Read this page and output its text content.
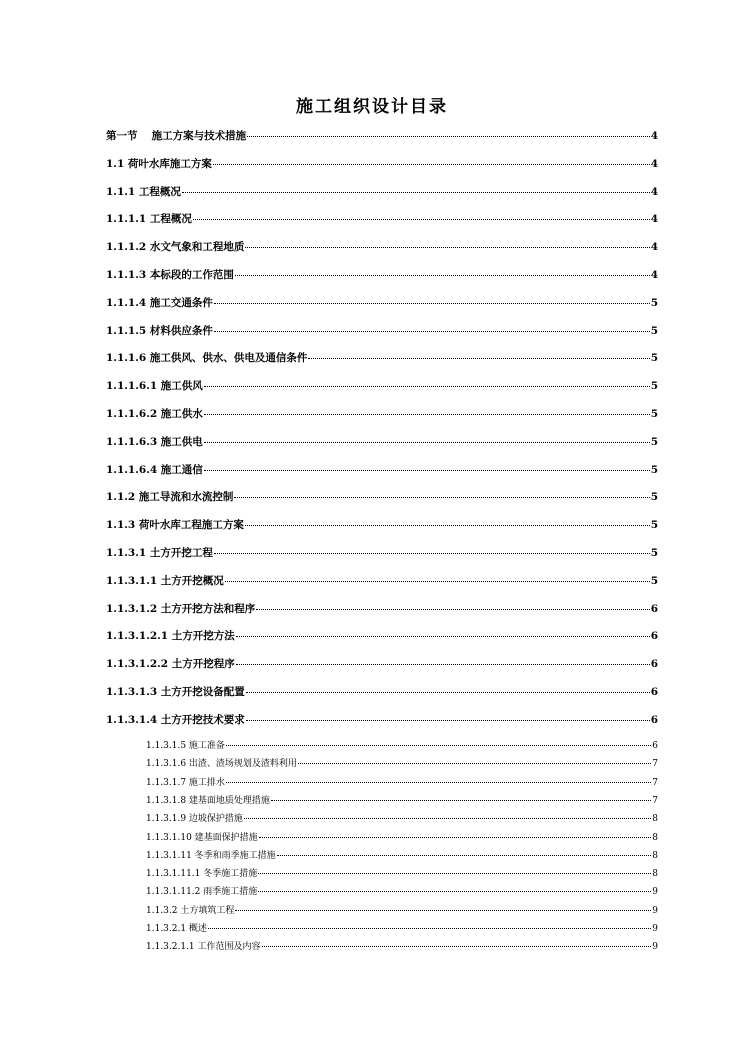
施工组织设计目录
第一节　 施工方案与技术措施	4
1.1 荷叶水库施工方案	4
1.1.1 工程概况	4
1.1.1.1 工程概况	4
1.1.1.2 水文气象和工程地质	4
1.1.1.3 本标段的工作范围	4
1.1.1.4 施工交通条件	5
1.1.1.5 材料供应条件	5
1.1.1.6 施工供风、供水、供电及通信条件	5
1.1.1.6.1 施工供风	5
1.1.1.6.2 施工供水	5
1.1.1.6.3 施工供电	5
1.1.1.6.4 施工通信	5
1.1.2 施工导流和水流控制	5
1.1.3 荷叶水库工程施工方案	5
1.1.3.1 土方开挖工程	5
1.1.3.1.1 土方开挖概况	5
1.1.3.1.2 土方开挖方法和程序	6
1.1.3.1.2.1 土方开挖方法	6
1.1.3.1.2.2 土方开挖程序	6
1.1.3.1.3 土方开挖设备配置	6
1.1.3.1.4 土方开挖技术要求	6
1.1.3.1.5 施工准备	6
1.1.3.1.6 出渣、渣场规划及渣料利用	7
1.1.3.1.7 施工排水	7
1.1.3.1.8 建基面地质处理措施	7
1.1.3.1.9 边坡保护措施	8
1.1.3.1.10 建基面保护措施	8
1.1.3.1.11 冬季和雨季施工措施	8
1.1.3.1.11.1 冬季施工措施	8
1.1.3.1.11.2 雨季施工措施	9
1.1.3.2 土方填筑工程	9
1.1.3.2.1 概述	9
1.1.3.2.1.1 工作范围及内容	9
